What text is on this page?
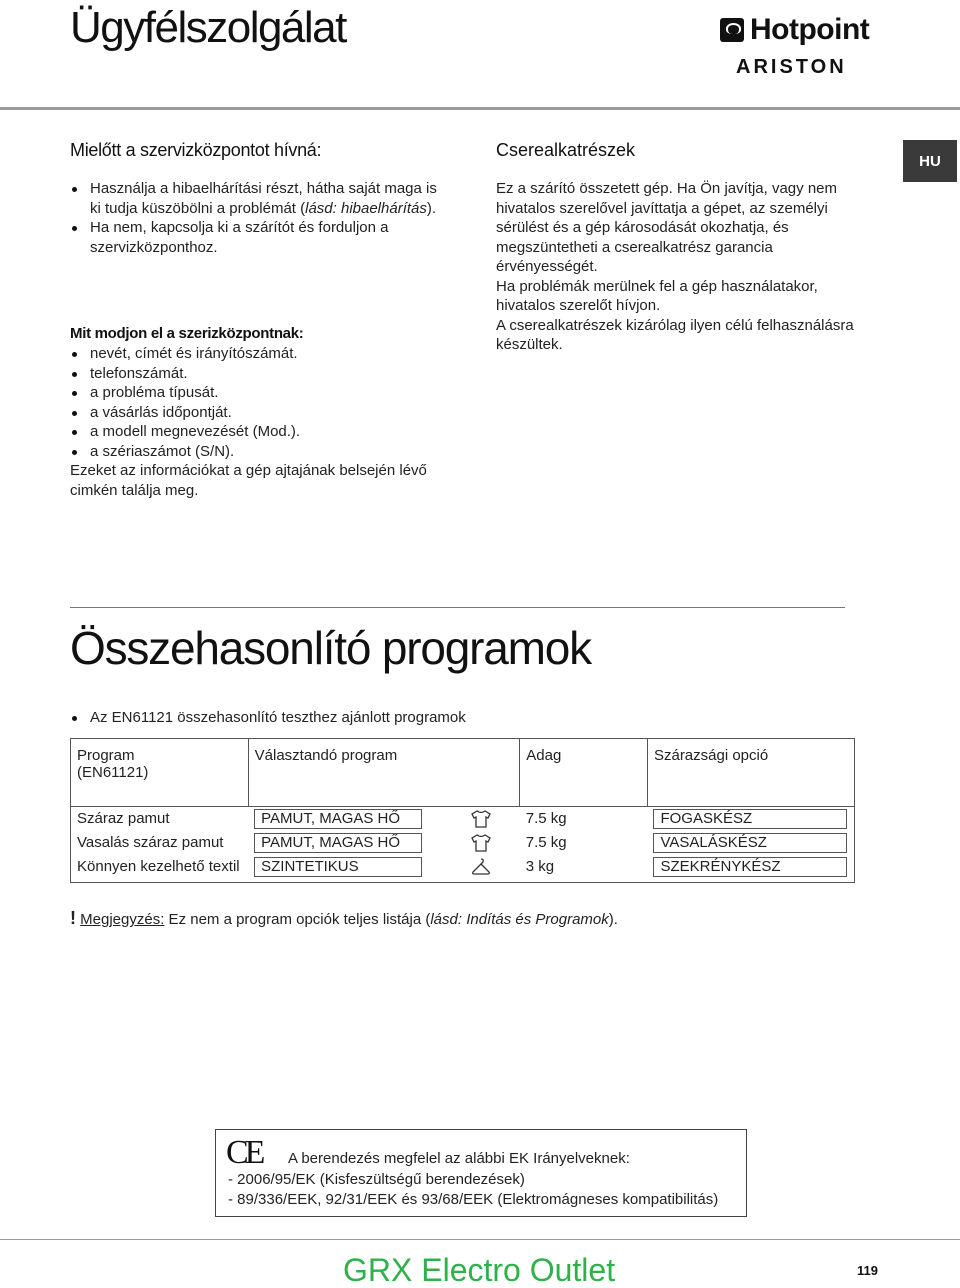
Ügyfélszolgálat	Hotpoint
ARISTON
HU
Mielőtt a szervizközpontot hívná:
Használja a hibaelhárítási részt, hátha saját maga is ki tudja küszöbölni a problémát (lásd: hibaelhárítás).
Ha nem, kapcsolja ki a szárítót és forduljon a szervizközponthoz.
Mit modjon el a szerizközpontnak:
nevét, címét és irányítószámát.
telefonszámát.
a probléma típusát.
a vásárlás időpontját.
a modell megnevezését (Mod.).
a szériaszámot (S/N).
Ezeket az információkat a gép ajtajának belsején lévő cimkén találja meg.
Cserealkatrészek
Ez a szárító összetett gép. Ha Ön javítja, vagy nem hivatalos szerelővel javíttatja a gépet, az személyi sérülést és a gép károsodását okozhatja, és megszüntetheti a cserealkatrész garancia érvényességét.
Ha problémák merülnek fel a gép használatakor, hivatalos szerelőt hívjon.
A cserealkatrészek kizárólag ilyen célú felhasználásra készültek.
Összehasonlító programok
Az EN61121 összehasonlító teszthez ajánlott programok
Program
(EN61121)	Választandó program	Adag	Szárazsági opció

Száraz pamut	PAMUT, MAGAS HŐ	7.5 kg	FOGASKÉSZ
Vasalás száraz pamut	PAMUT, MAGAS HŐ	7.5 kg	VASALÁSKÉSZ
Könnyen kezelhető textil	SZINTETIKUS	3 kg	SZEKRÉNYKÉSZ
! Megjegyzés: Ez nem a program opciók teljes listája (lásd: Indítás és Programok).
CE A berendezés megfelel az alábbi EK Irányelveknek:
- 2006/95/EK (Kisfeszültségű berendezések)
- 89/336/EEK, 92/31/EEK és 93/68/EEK (Elektromágneses kompatibilitás)
GRX Electro Outlet	119
